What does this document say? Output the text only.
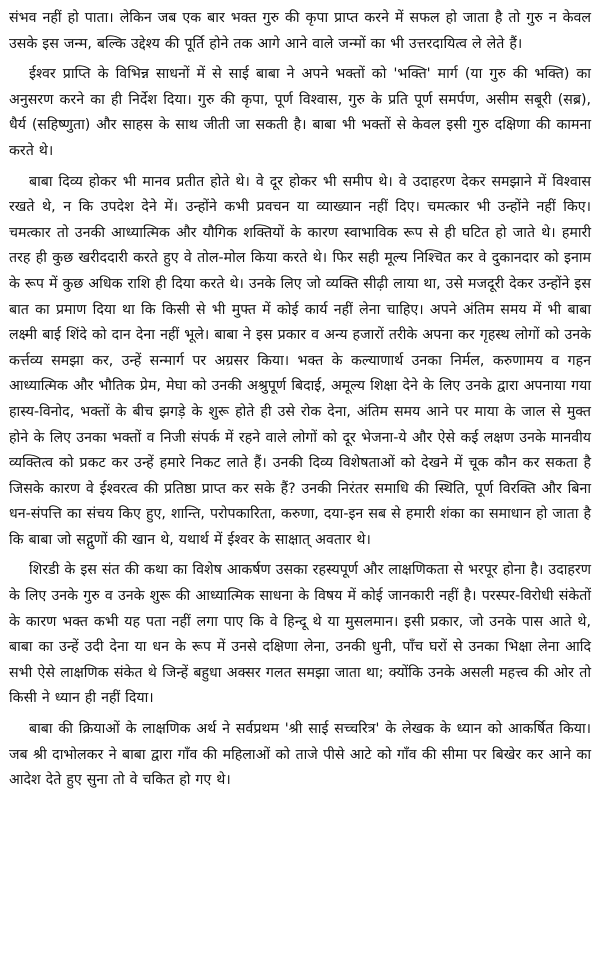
संभव नहीं हो पाता। लेकिन जब एक बार भक्त गुरु की कृपा प्राप्त करने में सफल हो जाता है तो गुरु न केवल उसके इस जन्म, बल्कि उद्देश्य की पूर्ति होने तक आगे आने वाले जन्मों का भी उत्तरदायित्व ले लेते हैं।

ईश्वर प्राप्ति के विभिन्न साधनों में से साई बाबा ने अपने भक्तों को 'भक्ति' मार्ग (या गुरु की भक्ति) का अनुसरण करने का ही निर्देश दिया। गुरु की कृपा, पूर्ण विश्वास, गुरु के प्रति पूर्ण समर्पण, असीम सबूरी (सब्र), धैर्य (सहिष्णुता) और साहस के साथ जीती जा सकती है। बाबा भी भक्तों से केवल इसी गुरु दक्षिणा की कामना करते थे।

बाबा दिव्य होकर भी मानव प्रतीत होते थे। वे दूर होकर भी समीप थे। वे उदाहरण देकर समझाने में विश्वास रखते थे, न कि उपदेश देने में। उन्होंने कभी प्रवचन या व्याख्यान नहीं दिए। चमत्कार भी उन्होंने नहीं किए। चमत्कार तो उनकी आध्यात्मिक और यौगिक शक्तियों के कारण स्वाभाविक रूप से ही घटित हो जाते थे। हमारी तरह ही कुछ खरीददारी करते हुए वे तोल-मोल किया करते थे। फिर सही मूल्य निश्चित कर वे दुकानदार को इनाम के रूप में कुछ अधिक राशि ही दिया करते थे। उनके लिए जो व्यक्ति सीढ़ी लाया था, उसे मजदूरी देकर उन्होंने इस बात का प्रमाण दिया था कि किसी से भी मुफ्त में कोई कार्य नहीं लेना चाहिए। अपने अंतिम समय में भी बाबा लक्ष्मी बाई शिंदे को दान देना नहीं भूले। बाबा ने इस प्रकार व अन्य हजारों तरीके अपना कर गृहस्थ लोगों को उनके कर्त्तव्य समझा कर, उन्हें सन्मार्ग पर अग्रसर किया। भक्त के कल्याणार्थ उनका निर्मल, करुणामय व गहन आध्यात्मिक और भौतिक प्रेम, मेघा को उनकी अश्रुपूर्ण बिदाई, अमूल्य शिक्षा देने के लिए उनके द्वारा अपनाया गया हास्य-विनोद, भक्तों के बीच झगड़े के शुरू होते ही उसे रोक देना, अंतिम समय आने पर माया के जाल से मुक्त होने के लिए उनका भक्तों व निजी संपर्क में रहने वाले लोगों को दूर भेजना-ये और ऐसे कई लक्षण उनके मानवीय व्यक्तित्व को प्रकट कर उन्हें हमारे निकट लाते हैं। उनकी दिव्य विशेषताओं को देखने में चूक कौन कर सकता है जिसके कारण वे ईश्वरत्व की प्रतिष्ठा प्राप्त कर सके हैं? उनकी निरंतर समाधि की स्थिति, पूर्ण विरक्ति और बिना धन-संपत्ति का संचय किए हुए, शान्ति, परोपकारिता, करुणा, दया-इन सब से हमारी शंका का समाधान हो जाता है कि बाबा जो सद्गुणों की खान थे, यथार्थ में ईश्वर के साक्षात् अवतार थे।

शिरडी के इस संत की कथा का विशेष आकर्षण उसका रहस्यपूर्ण और लाक्षणिकता से भरपूर होना है। उदाहरण के लिए उनके गुरु व उनके शुरू की आध्यात्मिक साधना के विषय में कोई जानकारी नहीं है। परस्पर-विरोधी संकेतों के कारण भक्त कभी यह पता नहीं लगा पाए कि वे हिन्दू थे या मुसलमान। इसी प्रकार, जो उनके पास आते थे, बाबा का उन्हें उदी देना या धन के रूप में उनसे दक्षिणा लेना, उनकी धुनी, पाँच घरों से उनका भिक्षा लेना आदि सभी ऐसे लाक्षणिक संकेत थे जिन्हें बहुधा अक्सर गलत समझा जाता था; क्योंकि उनके असली महत्त्व की ओर तो किसी ने ध्यान ही नहीं दिया।

बाबा की क्रियाओं के लाक्षणिक अर्थ ने सर्वप्रथम 'श्री साई सच्चरित्र' के लेखक के ध्यान को आकर्षित किया। जब श्री दाभोलकर ने बाबा द्वारा गाँव की महिलाओं को ताजे पीसे आटे को गाँव की सीमा पर बिखेर कर आने का आदेश देते हुए सुना तो वे चकित हो गए थे।
